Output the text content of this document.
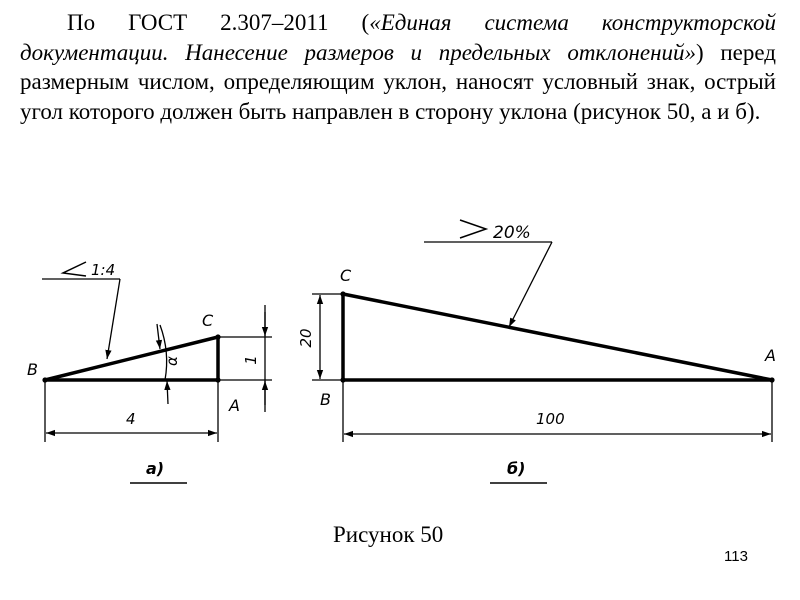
По ГОСТ 2.307–2011 («Единая система конструкторской документации. Нанесение размеров и предельных отклонений») перед размерным числом, определяющим уклон, наносят условный знак, острый угол которого должен быть направлен в сторону уклона (рисунок 50, а и б).

4
1
α
1:4
B
C
A
а)
20
100
20%
C
B
A
б)
Рисунок 50
113
